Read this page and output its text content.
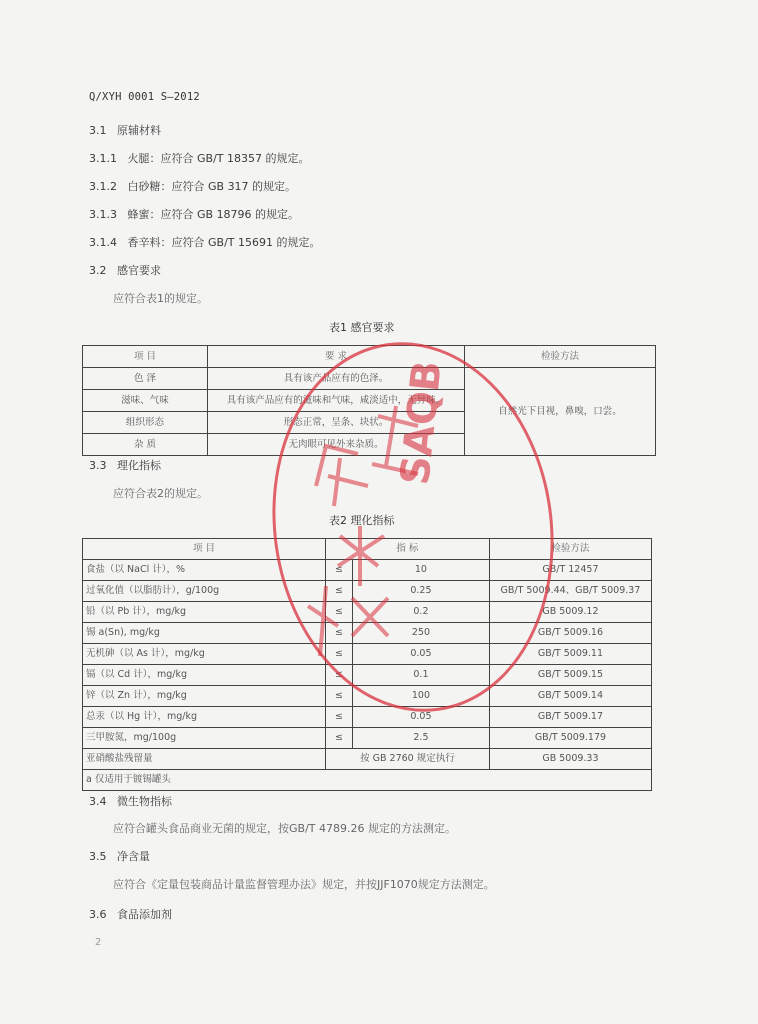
Q/XYH 0001 S—2012
3.1 原辅材料
3.1.1 火腿：应符合 GB/T 18357 的规定。
3.1.2 白砂糖：应符合 GB 317 的规定。
3.1.3 蜂蜜：应符合 GB 18796 的规定。
3.1.4 香辛料：应符合 GB/T 15691 的规定。
3.2 感官要求
应符合表1的规定。
表1 感官要求
项 目	要 求	检验方法
色 泽	具有该产品应有的色泽。	自然光下目视，鼻嗅，口尝。
滋味、气味	具有该产品应有的滋味和气味，咸淡适中，无异味。	
组织形态	形态正常，呈条、块状。	
杂 质	无肉眼可见外来杂质。	
3.3 理化指标
应符合表2的规定。
表2 理化指标
项 目	指 标		检验方法
食盐（以 NaCl 计），%	≤	10	GB/T 12457
过氧化值（以脂肪计），g/100g	≤	0.25	GB/T 5009.44、GB/T 5009.37
铅（以 Pb 计），mg/kg	≤	0.2	GB 5009.12
锡 a(Sn), mg/kg	≤	250	GB/T 5009.16
无机砷（以 As 计），mg/kg	≤	0.05	GB/T 5009.11
镉（以 Cd 计），mg/kg	≤	0.1	GB/T 5009.15
锌（以 Zn 计），mg/kg	≤	100	GB/T 5009.14
总汞（以 Hg 计），mg/kg	≤	0.05	GB/T 5009.17
三甲胺氮，mg/100g	≤	2.5	GB/T 5009.179
亚硝酸盐残留量	按 GB 2760 规定执行		GB 5009.33
a 仅适用于镀锡罐头			
3.4 微生物指标
应符合罐头食品商业无菌的规定，按GB/T 4789.26 规定的方法测定。
3.5 净含量
应符合《定量包装商品计量监督管理办法》规定，并按JJF1070规定方法测定。
3.6 食品添加剂
2
SAQB
